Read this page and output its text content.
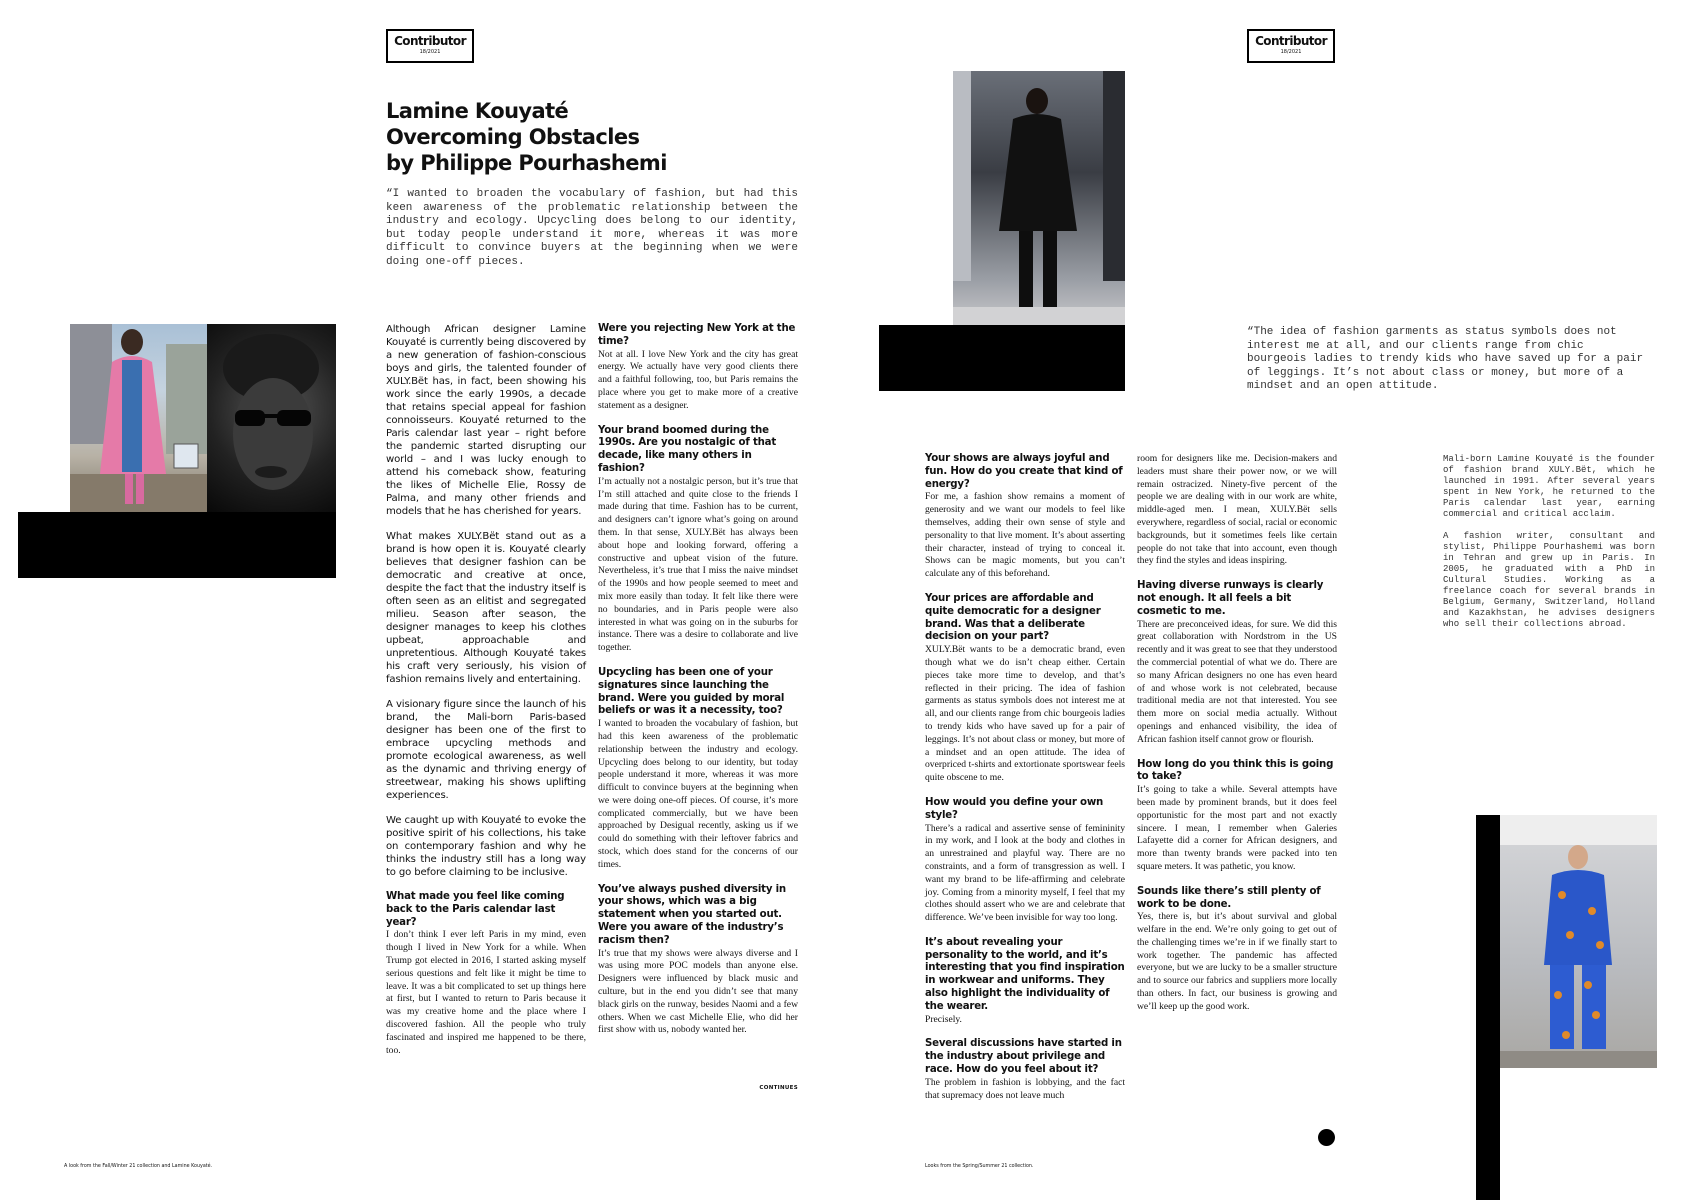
Contributor
18/2021
Lamine Kouyaté
Overcoming Obstacles
by Philippe Pourhashemi
“I wanted to broaden the vocabulary of fashion, but had this keen awareness of the problematic relationship between the industry and ecology. Upcycling does belong to our identity, but today people understand it more, whereas it was more difficult to convince buyers at the beginning when we were doing one-off pieces.

Although African designer Lamine Kouyaté is currently being discovered by a new generation of fashion-conscious boys and girls, the talented founder of XULY.Bët has, in fact, been showing his work since the early 1990s, a decade that retains special appeal for fashion connoisseurs. Kouyaté returned to the Paris calendar last year – right before the pandemic started disrupting our world – and I was lucky enough to attend his comeback show, featuring the likes of Michelle Elie, Rossy de Palma, and many other friends and models that he has cherished for years.

What makes XULY.Bët stand out as a brand is how open it is. Kouyaté clearly believes that designer fashion can be democratic and creative at once, despite the fact that the industry itself is often seen as an elitist and segregated milieu. Season after season, the designer manages to keep his clothes upbeat, approachable and unpretentious. Although Kouyaté takes his craft very seriously, his vision of fashion remains lively and entertaining.

A visionary figure since the launch of his brand, the Mali-born Paris-based designer has been one of the first to embrace upcycling methods and promote ecological awareness, as well as the dynamic and thriving energy of streetwear, making his shows uplifting experiences.

We caught up with Kouyaté to evoke the positive spirit of his collections, his take on contemporary fashion and why he thinks the industry still has a long way to go before claiming to be inclusive.

What made you feel like coming back to the Paris calendar last year?

I don’t think I ever left Paris in my mind, even though I lived in New York for a while. When Trump got elected in 2016, I started asking myself serious questions and felt like it might be time to leave. It was a bit complicated to set up things here at first, but I wanted to return to Paris because it was my creative home and the place where I discovered fashion. All the people who truly fascinated and inspired me happened to be there, too.

Were you rejecting New York at the time?

Not at all. I love New York and the city has great energy. We actually have very good clients there and a faithful following, too, but Paris remains the place where you get to make more of a creative statement as a designer.

Your brand boomed during the 1990s. Are you nostalgic of that decade, like many others in fashion?

I’m actually not a nostalgic person, but it’s true that I’m still attached and quite close to the friends I made during that time. Fashion has to be current, and designers can’t ignore what’s going on around them. In that sense, XULY.Bët has always been about hope and looking forward, offering a constructive and upbeat vision of the future. Nevertheless, it’s true that I miss the naive mindset of the 1990s and how people seemed to meet and mix more easily than today. It felt like there were no boundaries, and in Paris people were also interested in what was going on in the suburbs for instance. There was a desire to collaborate and live together.

Upcycling has been one of your signatures since launching the brand. Were you guided by moral beliefs or was it a necessity, too?

I wanted to broaden the vocabulary of fashion, but had this keen awareness of the problematic relationship between the industry and ecology. Upcycling does belong to our identity, but today people understand it more, whereas it was more difficult to convince buyers at the beginning when we were doing one-off pieces. Of course, it’s more complicated commercially, but we have been approached by Desigual recently, asking us if we could do something with their leftover fabrics and stock, which does stand for the concerns of our times.

You’ve always pushed diversity in your shows, which was a big statement when you started out. Were you aware of the industry’s racism then?

It’s true that my shows were always diverse and I was using more POC models than anyone else. Designers were influenced by black music and culture, but in the end you didn’t see that many black girls on the runway, besides Naomi and a few others. When we cast Michelle Elie, who did her first show with us, nobody wanted her.

CONTINUES
A look from the Fall/Winter 21 collection and Lamine Kouyaté.
Contributor
18/2021
“The idea of fashion garments as status symbols does not interest me at all, and our clients range from chic bourgeois ladies to trendy kids who have saved up for a pair of leggings. It’s not about class or money, but more of a mindset and an open attitude.

Your shows are always joyful and fun. How do you create that kind of energy?

For me, a fashion show remains a moment of generosity and we want our models to feel like themselves, adding their own sense of style and personality to that live moment. It’s about asserting their character, instead of trying to conceal it. Shows can be magic moments, but you can’t calculate any of this beforehand.

Your prices are affordable and quite democratic for a designer brand. Was that a deliberate decision on your part?

XULY.Bët wants to be a democratic brand, even though what we do isn’t cheap either. Certain pieces take more time to develop, and that’s reflected in their pricing. The idea of fashion garments as status symbols does not interest me at all, and our clients range from chic bourgeois ladies to trendy kids who have saved up for a pair of leggings. It’s not about class or money, but more of a mindset and an open attitude. The idea of overpriced t-shirts and extortionate sportswear feels quite obscene to me.

How would you define your own style?

There’s a radical and assertive sense of femininity in my work, and I look at the body and clothes in an unrestrained and playful way. There are no constraints, and a form of transgression as well. I want my brand to be life-affirming and celebrate joy. Coming from a minority myself, I feel that my clothes should assert who we are and celebrate that difference. We’ve been invisible for way too long.

It’s about revealing your personality to the world, and it’s interesting that you find inspiration in workwear and uniforms. They also highlight the individuality of the wearer.

Precisely.

Several discussions have started in the industry about privilege and race. How do you feel about it?

The problem in fashion is lobbying, and the fact that supremacy does not leave much

room for designers like me. Decision-makers and leaders must share their power now, or we will remain ostracized. Ninety-five percent of the people we are dealing with in our work are white, middle-aged men. I mean, XULY.Bët sells everywhere, regardless of social, racial or economic backgrounds, but it sometimes feels like certain people do not take that into account, even though they find the styles and ideas inspiring.

Having diverse runways is clearly not enough. It all feels a bit cosmetic to me.

There are preconceived ideas, for sure. We did this great collaboration with Nordstrom in the US recently and it was great to see that they understood the commercial potential of what we do. There are so many African designers no one has even heard of and whose work is not celebrated, because traditional media are not that interested. You see them more on social media actually. Without openings and enhanced visibility, the idea of African fashion itself cannot grow or flourish.

How long do you think this is going to take?

It’s going to take a while. Several attempts have been made by prominent brands, but it does feel opportunistic for the most part and not exactly sincere. I mean, I remember when Galeries Lafayette did a corner for African designers, and more than twenty brands were packed into ten square meters. It was pathetic, you know.

Sounds like there’s still plenty of work to be done.

Yes, there is, but it’s about survival and global welfare in the end. We’re only going to get out of the challenging times we’re in if we finally start to work together. The pandemic has affected everyone, but we are lucky to be a smaller structure and to source our fabrics and suppliers more locally than others. In fact, our business is growing and we’ll keep up the good work.

Mali-born Lamine Kouyaté is the founder of fashion brand XULY.Bët, which he launched in 1991. After several years spent in New York, he returned to the Paris calendar last year, earning commercial and critical acclaim.

A fashion writer, consultant and stylist, Philippe Pourhashemi was born in Tehran and grew up in Paris. In 2005, he graduated with a PhD in Cultural Studies. Working as a freelance coach for several brands in Belgium, Germany, Switzerland, Holland and Kazakhstan, he advises designers who sell their collections abroad.

Looks from the Spring/Summer 21 collection.
